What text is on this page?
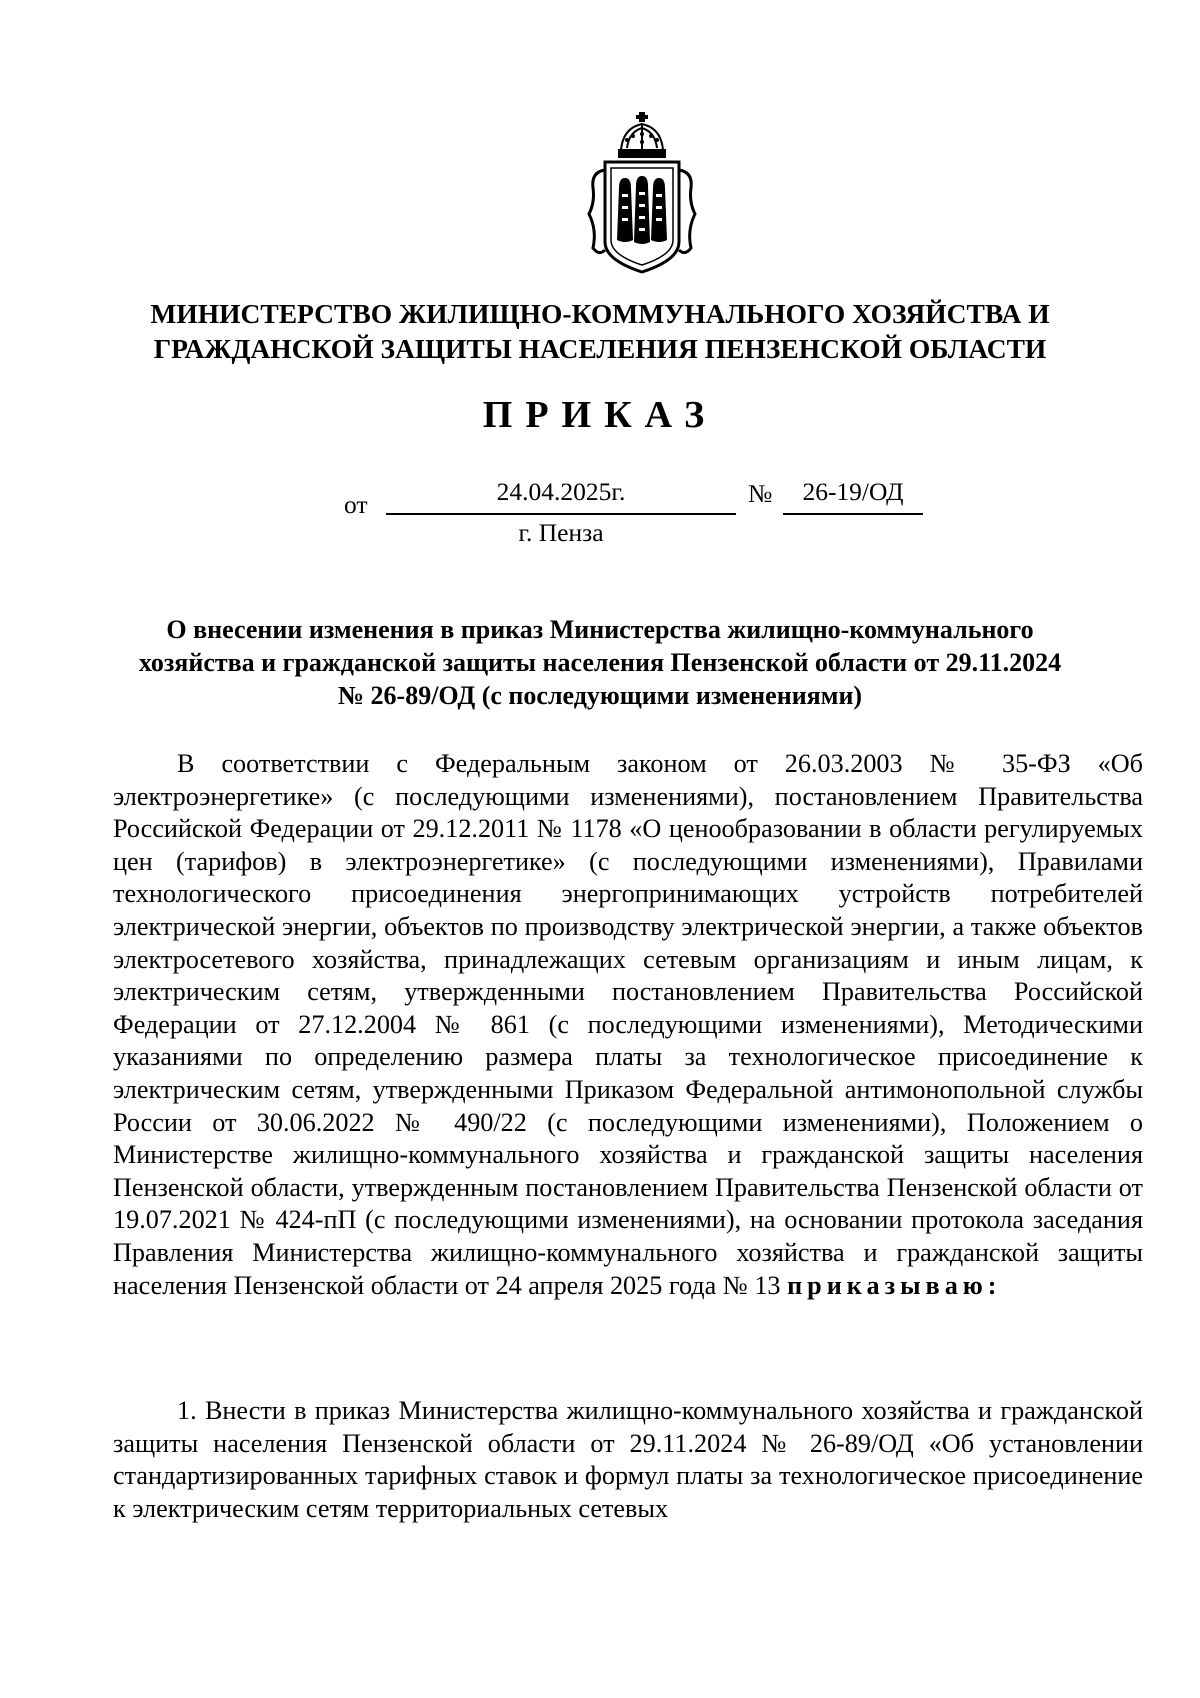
МИНИСТЕРСТВО ЖИЛИЩНО-КОММУНАЛЬНОГО ХОЗЯЙСТВА И
ГРАЖДАНСКОЙ ЗАЩИТЫ НАСЕЛЕНИЯ ПЕНЗЕНСКОЙ ОБЛАСТИ
ПРИКАЗ
от	24.04.2025г.	№	26-19/ОД
г. Пенза
О внесении изменения в приказ Министерства жилищно-коммунального
хозяйства и гражданской защиты населения Пензенской области от 29.11.2024
№ 26-89/ОД (с последующими изменениями)

В соответствии с Федеральным законом от 26.03.2003 № 35-ФЗ «Об электроэнергетике» (с последующими изменениями), постановлением Правительства Российской Федерации от 29.12.2011 № 1178 «О ценообразовании в области регулируемых цен (тарифов) в электроэнергетике» (с последующими изменениями), Правилами технологического присоединения энергопринимающих устройств потребителей электрической энергии, объектов по производству электрической энергии, а также объектов электросетевого хозяйства, принадлежащих сетевым организациям и иным лицам, к электрическим сетям, утвержденными постановлением Правительства Российской Федерации от 27.12.2004 № 861 (с последующими изменениями), Методическими указаниями по определению размера платы за технологическое присоединение к электрическим сетям, утвержденными Приказом Федеральной антимонопольной службы России от 30.06.2022 № 490/22 (с последующими изменениями), Положением о Министерстве жилищно-коммунального хозяйства и гражданской защиты населения Пензенской области, утвержденным постановлением Правительства Пензенской области от 19.07.2021 № 424-пП (с последующими изменениями), на основании протокола заседания Правления Министерства жилищно-коммунального хозяйства и гражданской защиты населения Пензенской области от 24 апреля 2025 года № 13 приказываю:

1. Внести в приказ Министерства жилищно-коммунального хозяйства и гражданской защиты населения Пензенской области от 29.11.2024 № 26-89/ОД «Об установлении стандартизированных тарифных ставок и формул платы за технологическое присоединение к электрическим сетям территориальных сетевых
